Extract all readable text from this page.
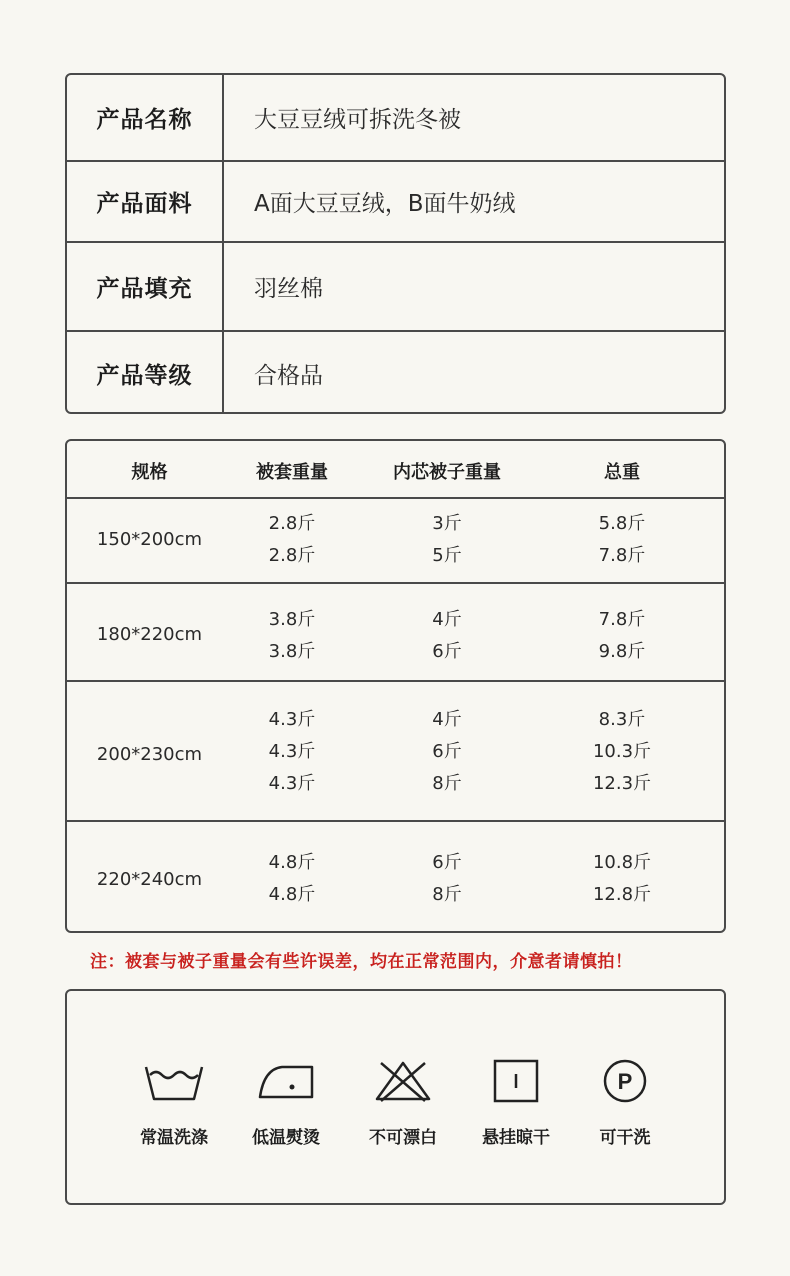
产品名称	大豆豆绒可拆洗冬被
产品面料	A面大豆豆绒，B面牛奶绒
产品填充	羽丝棉
产品等级	合格品
规格	被套重量	内芯被子重量	总重
150*200cm
2.8斤	3斤	5.8斤
2.8斤	5斤	7.8斤
180*220cm
3.8斤	4斤	7.8斤
3.8斤	6斤	9.8斤
200*230cm
4.3斤	4斤	8.3斤
4.3斤	6斤	10.3斤
4.3斤	8斤	12.3斤
220*240cm
4.8斤	6斤	10.8斤
4.8斤	8斤	12.8斤
注：被套与被子重量会有些许误差，均在正常范围内，介意者请慎拍！
常温洗涤	低温熨烫	不可漂白	悬挂晾干
P
可干洗
